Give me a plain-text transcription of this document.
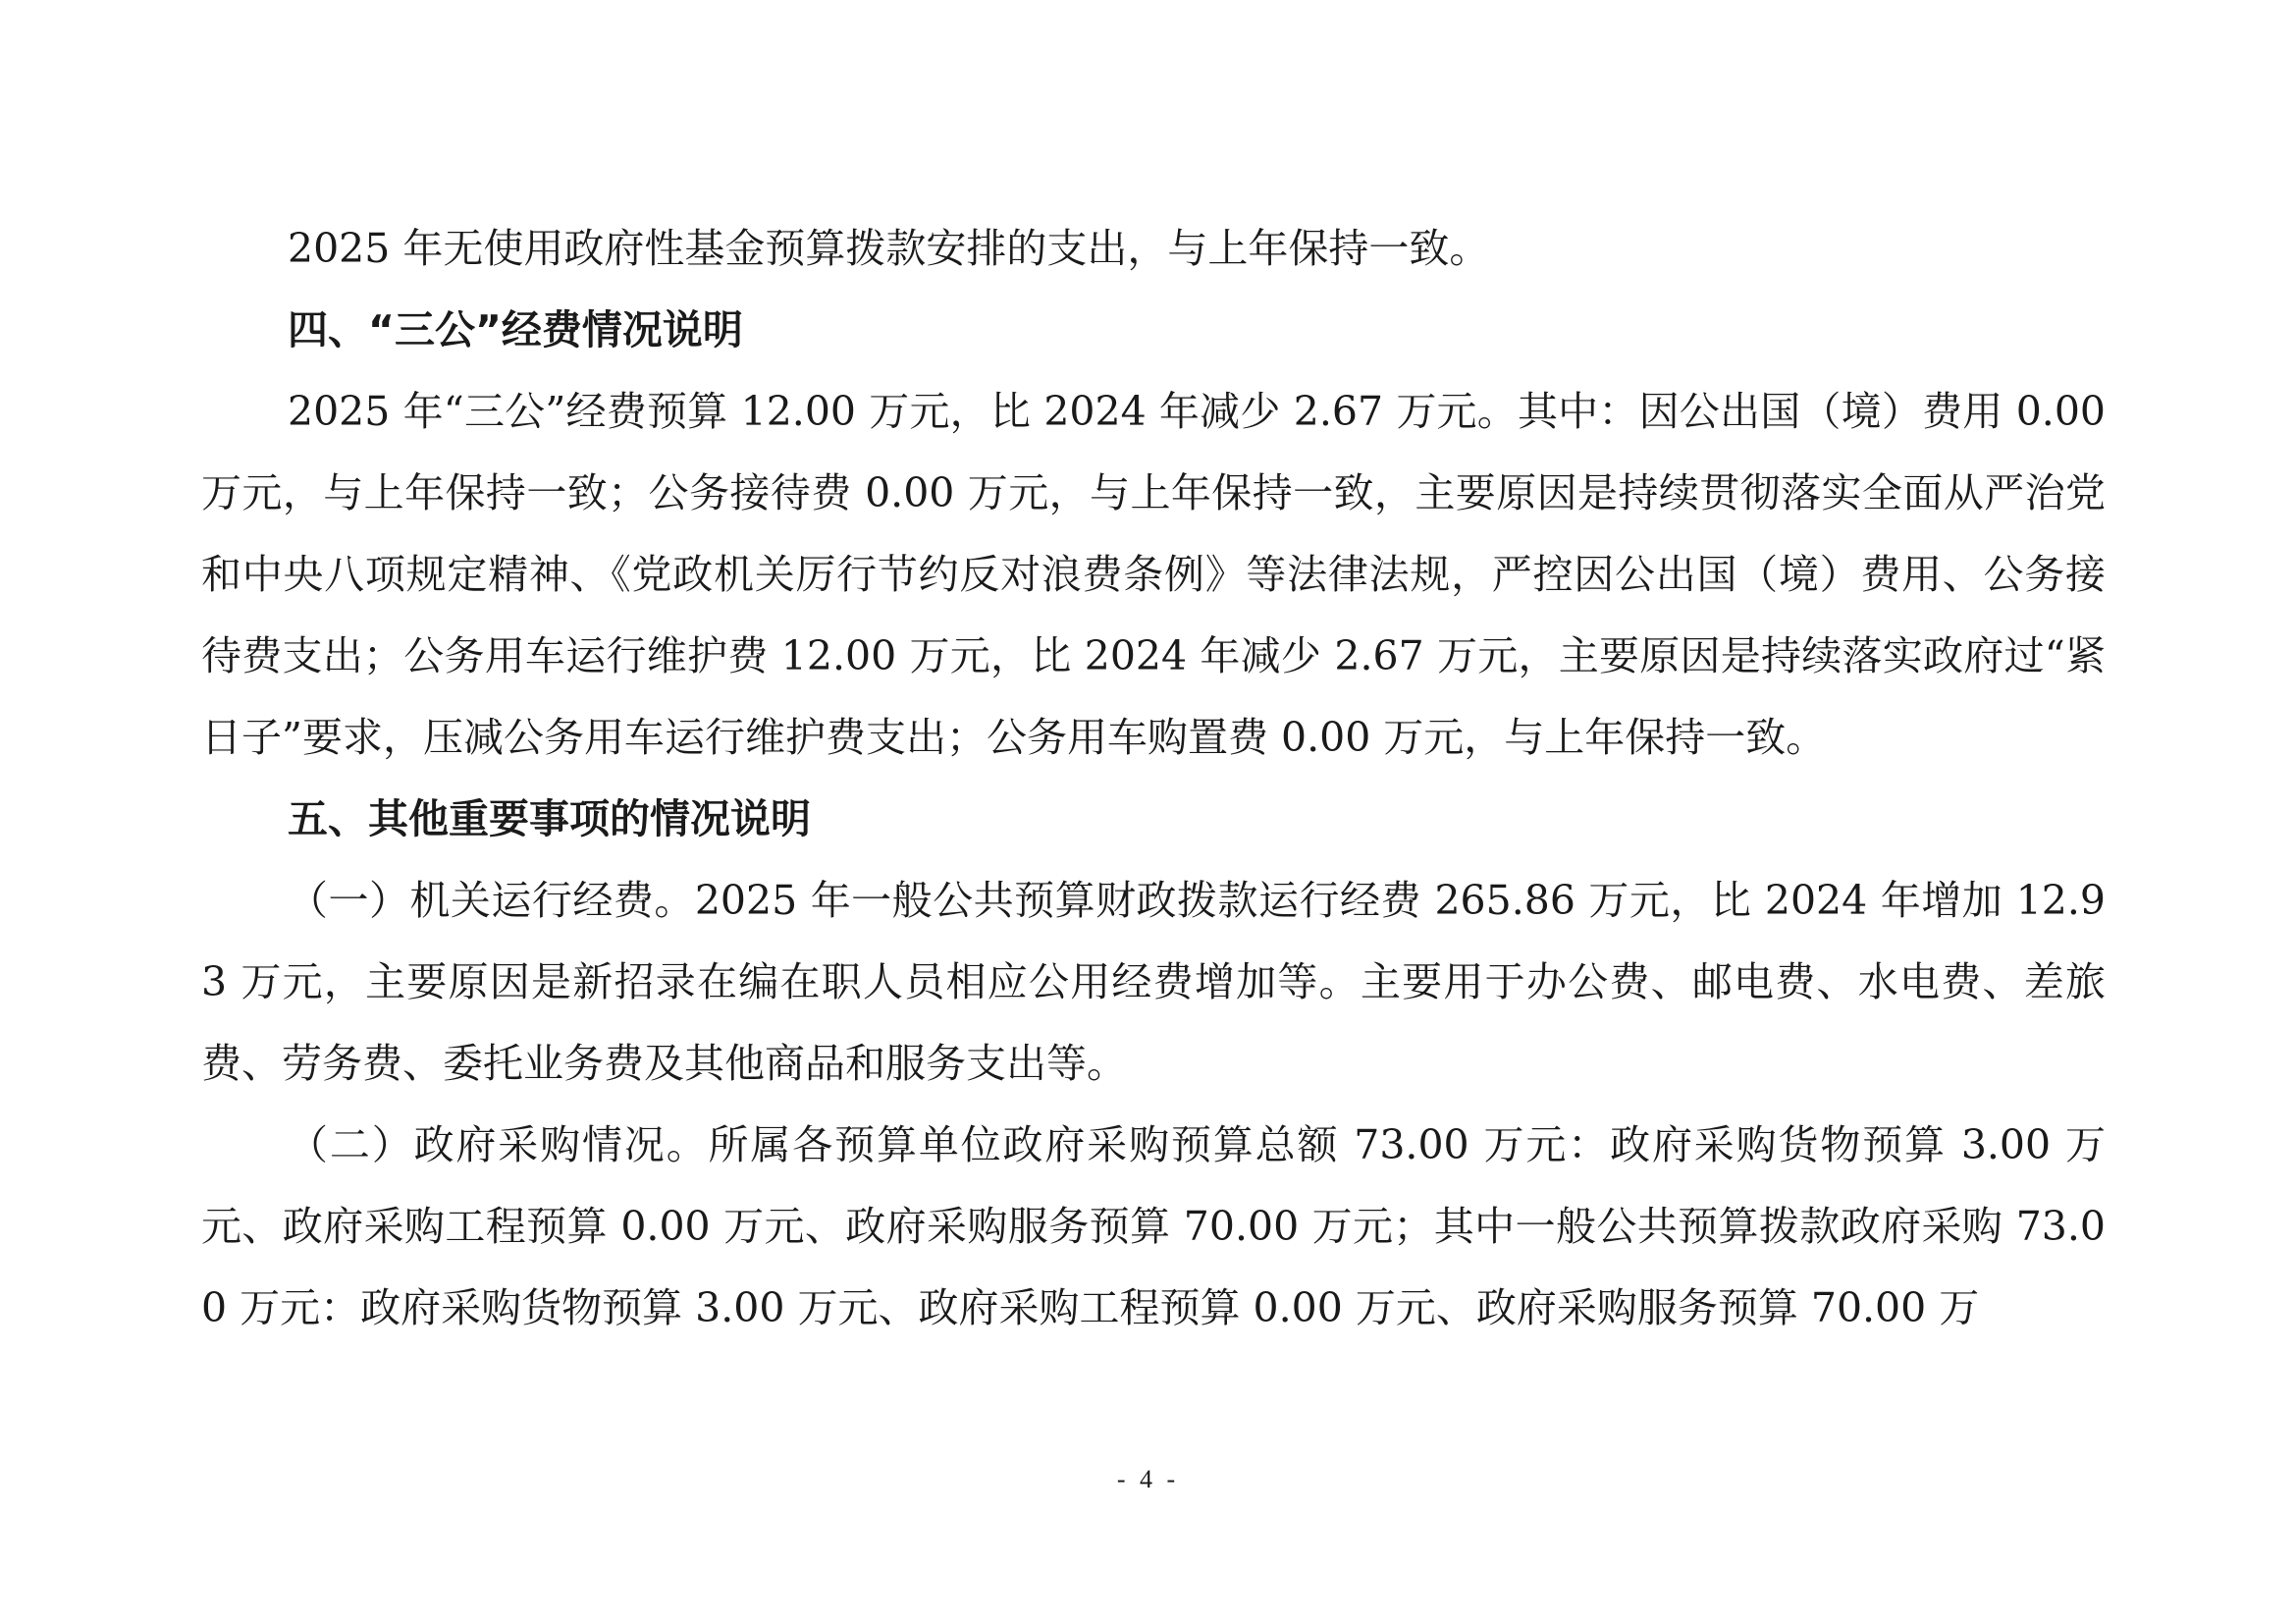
2025 年无使用政府性基金预算拨款安排的支出，与上年保持一致。

四、“三公”经费情况说明

2025 年“三公”经费预算 12.00 万元，比 2024 年减少 2.67 万元。其中：因公出国（境）费用 0.00 万元，与上年保持一致；公务接待费 0.00 万元，与上年保持一致，主要原因是持续贯彻落实全面从严治党和中央八项规定精神、《党政机关厉行节约反对浪费条例》等法律法规，严控因公出国（境）费用、公务接待费支出；公务用车运行维护费 12.00 万元，比 2024 年减少 2.67 万元，主要原因是持续落实政府过“紧日子”要求，压减公务用车运行维护费支出；公务用车购置费 0.00 万元，与上年保持一致。

五、其他重要事项的情况说明

（一）机关运行经费。2025 年一般公共预算财政拨款运行经费 265.86 万元，比 2024 年增加 12.93 万元，主要原因是新招录在编在职人员相应公用经费增加等。主要用于办公费、邮电费、水电费、差旅费、劳务费、委托业务费及其他商品和服务支出等。

（二）政府采购情况。所属各预算单位政府采购预算总额 73.00 万元：政府采购货物预算 3.00 万元、政府采购工程预算 0.00 万元、政府采购服务预算 70.00 万元；其中一般公共预算拨款政府采购 73.00 万元：政府采购货物预算 3.00 万元、政府采购工程预算 0.00 万元、政府采购服务预算 70.00 万

- 4 -
